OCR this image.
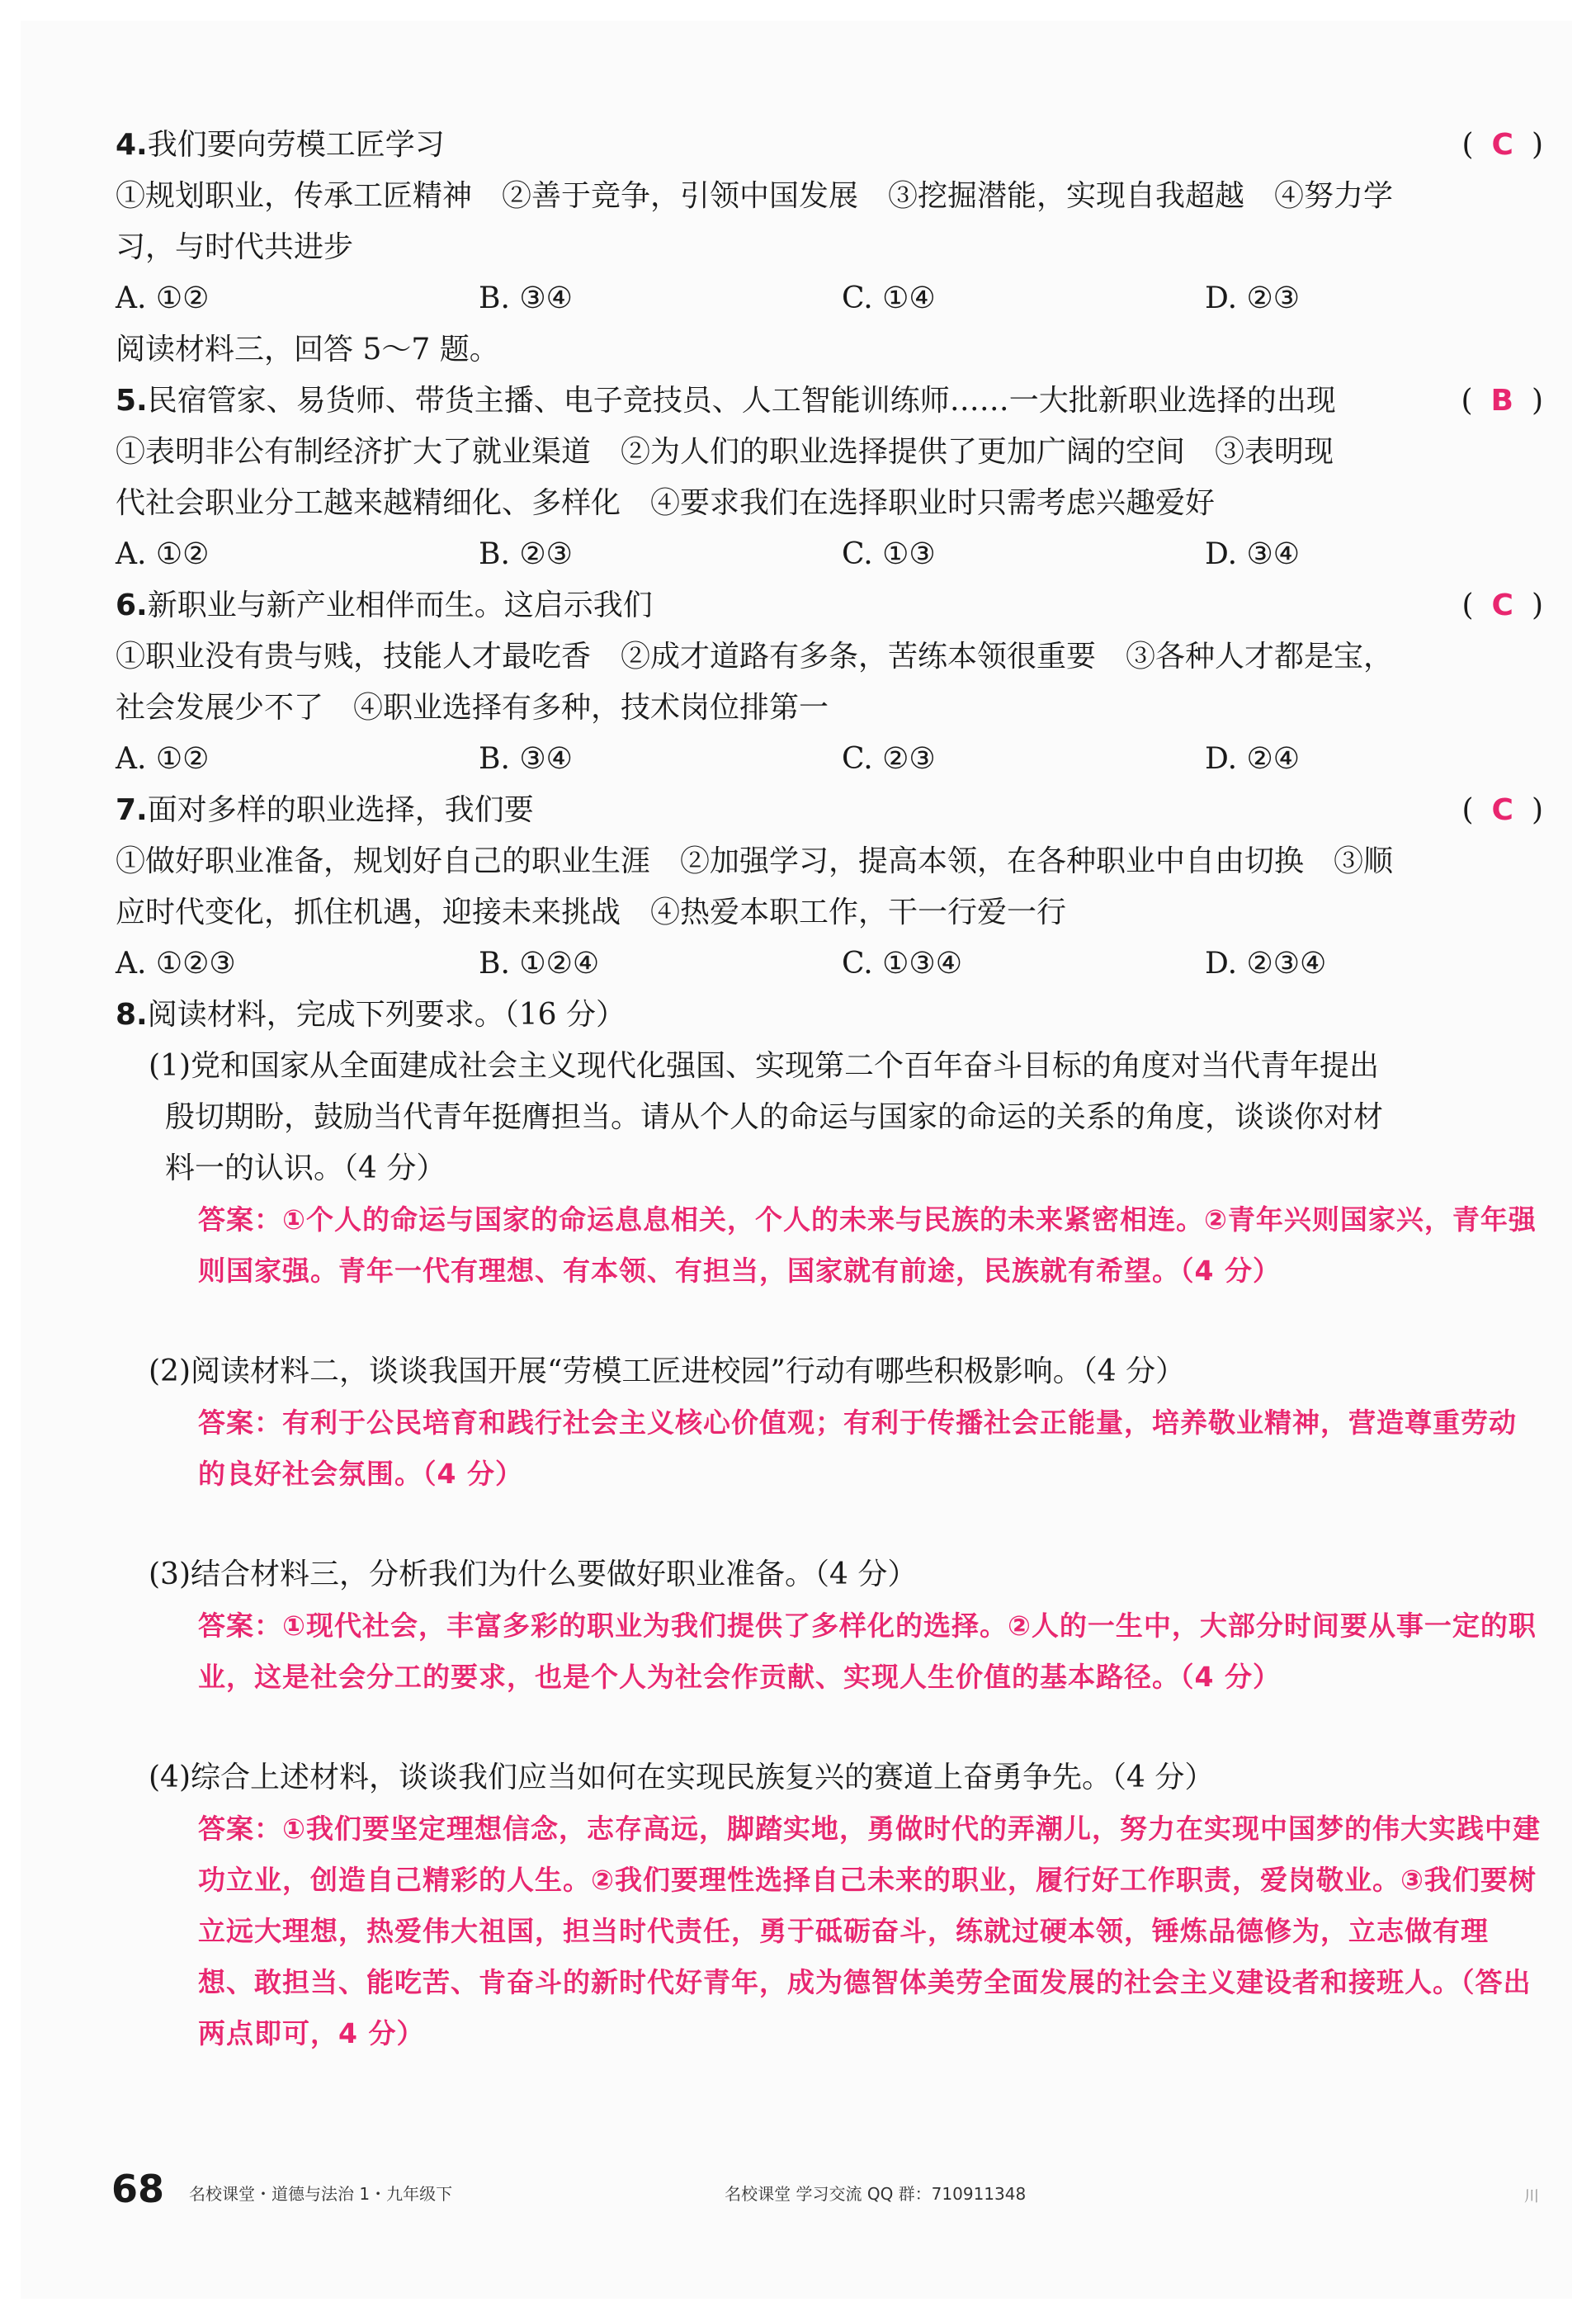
4.我们要向劳模工匠学习	( C )
①规划职业，传承工匠精神　②善于竞争，引领中国发展　③挖掘潜能，实现自我超越　④努力学
习，与时代共进步
A. ①②	B. ③④	C. ①④	D. ②③
阅读材料三，回答 5～7 题。
5.民宿管家、易货师、带货主播、电子竞技员、人工智能训练师……一大批新职业选择的出现	( B )
①表明非公有制经济扩大了就业渠道　②为人们的职业选择提供了更加广阔的空间　③表明现
代社会职业分工越来越精细化、多样化　④要求我们在选择职业时只需考虑兴趣爱好
A. ①②	B. ②③	C. ①③	D. ③④
6.新职业与新产业相伴而生。这启示我们	( C )
①职业没有贵与贱，技能人才最吃香　②成才道路有多条，苦练本领很重要　③各种人才都是宝，
社会发展少不了　④职业选择有多种，技术岗位排第一
A. ①②	B. ③④	C. ②③	D. ②④
7.面对多样的职业选择，我们要	( C )
①做好职业准备，规划好自己的职业生涯　②加强学习，提高本领，在各种职业中自由切换　③顺
应时代变化，抓住机遇，迎接未来挑战　④热爱本职工作，干一行爱一行
A. ①②③	B. ①②④	C. ①③④	D. ②③④
8.阅读材料，完成下列要求。（16 分）
(1)党和国家从全面建成社会主义现代化强国、实现第二个百年奋斗目标的角度对当代青年提出
殷切期盼，鼓励当代青年挺膺担当。请从个人的命运与国家的命运的关系的角度，谈谈你对材
料一的认识。（4 分）
答案：①个人的命运与国家的命运息息相关，个人的未来与民族的未来紧密相连。②青年兴则国家兴，青年强则国家强。青年一代有理想、有本领、有担当，国家就有前途，民族就有希望。（4 分）
(2)阅读材料二，谈谈我国开展“劳模工匠进校园”行动有哪些积极影响。（4 分）
答案：有利于公民培育和践行社会主义核心价值观；有利于传播社会正能量，培养敬业精神，营造尊重劳动的良好社会氛围。（4 分）
(3)结合材料三，分析我们为什么要做好职业准备。（4 分）
答案：①现代社会，丰富多彩的职业为我们提供了多样化的选择。②人的一生中，大部分时间要从事一定的职业，这是社会分工的要求，也是个人为社会作贡献、实现人生价值的基本路径。（4 分）
(4)综合上述材料，谈谈我们应当如何在实现民族复兴的赛道上奋勇争先。（4 分）
答案：①我们要坚定理想信念，志存高远，脚踏实地，勇做时代的弄潮儿，努力在实现中国梦的伟大实践中建功立业，创造自己精彩的人生。②我们要理性选择自己未来的职业，履行好工作职责，爱岗敬业。③我们要树立远大理想，热爱伟大祖国，担当时代责任，勇于砥砺奋斗，练就过硬本领，锤炼品德修为，立志做有理想、敢担当、能吃苦、肯奋斗的新时代好青年，成为德智体美劳全面发展的社会主义建设者和接班人。（答出两点即可，4 分）
68 名校课堂・道德与法治 1・九年级下	名校课堂 学习交流 QQ 群：710911348	川
